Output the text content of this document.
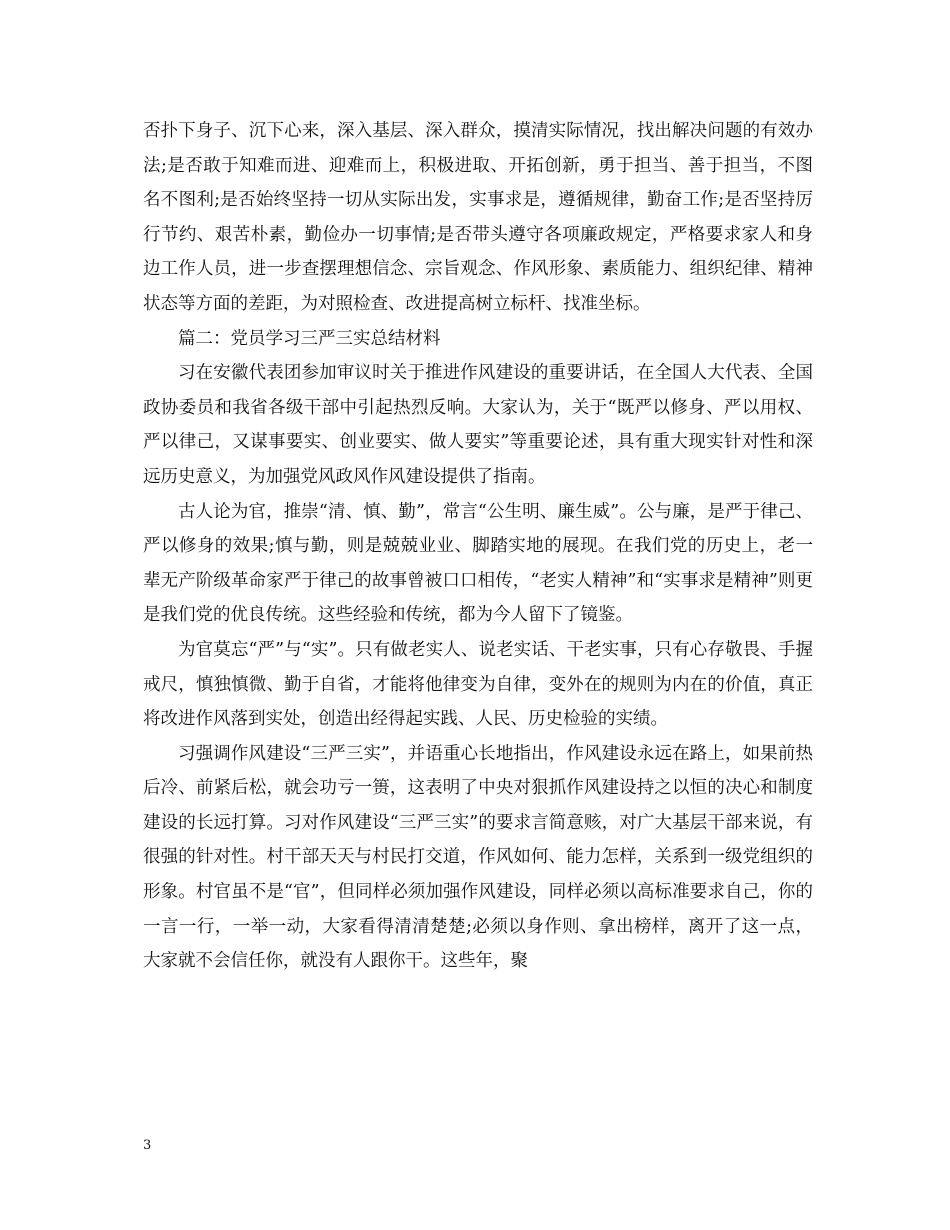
否扑下身子、沉下心来，深入基层、深入群众，摸清实际情况，找出解决问题的有效办法;是否敢于知难而进、迎难而上，积极进取、开拓创新，勇于担当、善于担当，不图名不图利;是否始终坚持一切从实际出发，实事求是，遵循规律，勤奋工作;是否坚持厉行节约、艰苦朴素，勤俭办一切事情;是否带头遵守各项廉政规定，严格要求家人和身边工作人员，进一步查摆理想信念、宗旨观念、作风形象、素质能力、组织纪律、精神状态等方面的差距，为对照检查、改进提高树立标杆、找准坐标。

篇二：党员学习三严三实总结材料

习在安徽代表团参加审议时关于推进作风建设的重要讲话，在全国人大代表、全国政协委员和我省各级干部中引起热烈反响。大家认为，关于“既严以修身、严以用权、严以律己，又谋事要实、创业要实、做人要实”等重要论述，具有重大现实针对性和深远历史意义，为加强党风政风作风建设提供了指南。

古人论为官，推崇“清、慎、勤”，常言“公生明、廉生威”。公与廉，是严于律己、严以修身的效果;慎与勤，则是兢兢业业、脚踏实地的展现。在我们党的历史上，老一辈无产阶级革命家严于律己的故事曾被口口相传，“老实人精神”和“实事求是精神”则更是我们党的优良传统。这些经验和传统，都为今人留下了镜鉴。

为官莫忘“严”与“实”。只有做老实人、说老实话、干老实事，只有心存敬畏、手握戒尺，慎独慎微、勤于自省，才能将他律变为自律，变外在的规则为内在的价值，真正将改进作风落到实处，创造出经得起实践、人民、历史检验的实绩。

习强调作风建设“三严三实”，并语重心长地指出，作风建设永远在路上，如果前热后冷、前紧后松，就会功亏一篑，这表明了中央对狠抓作风建设持之以恒的决心和制度建设的长远打算。习对作风建设“三严三实”的要求言简意赅，对广大基层干部来说，有很强的针对性。村干部天天与村民打交道，作风如何、能力怎样，关系到一级党组织的形象。村官虽不是“官”，但同样必须加强作风建设，同样必须以高标准要求自己，你的一言一行，一举一动，大家看得清清楚楚;必须以身作则、拿出榜样，离开了这一点，大家就不会信任你，就没有人跟你干。这些年，聚

3
